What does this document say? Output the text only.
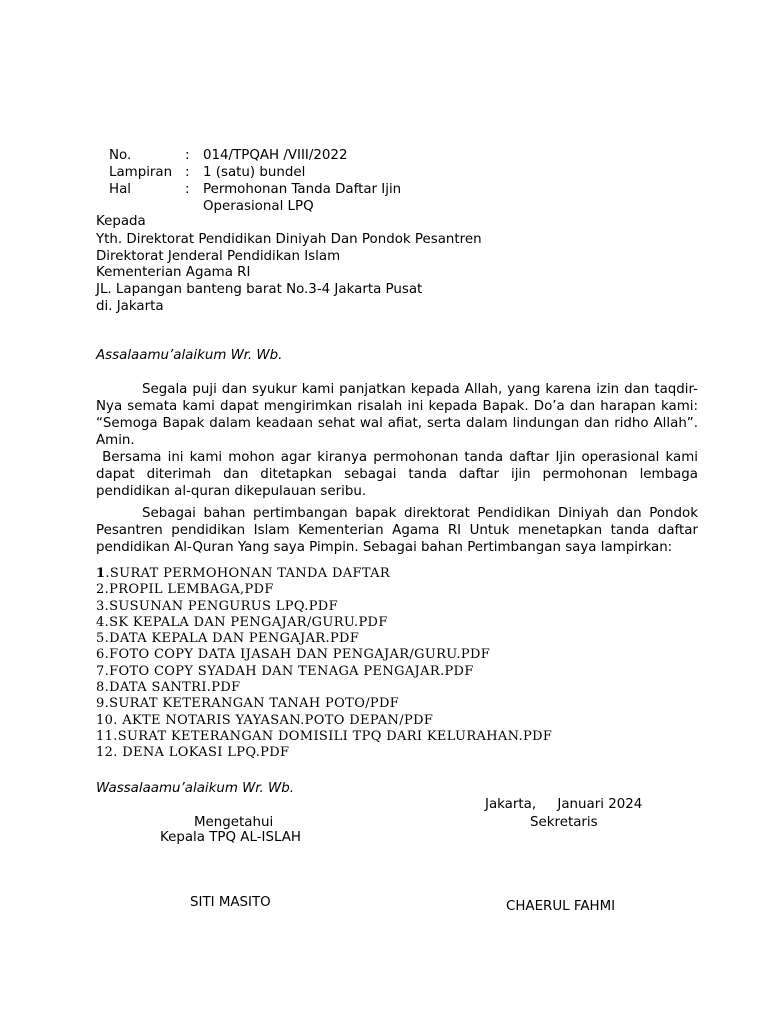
No.	: 014/TPQAH /VIII/2022
Lampiran : 1 (satu) bundel
Hal	: Permohonan Tanda Daftar Ijin
Operasional LPQ
Kepada
Yth. Direktorat Pendidikan Diniyah Dan Pondok Pesantren
Direktorat Jenderal Pendidikan Islam
Kementerian Agama RI
JL. Lapangan banteng barat No.3-4 Jakarta Pusat
di. Jakarta
Assalaamu’alaikum Wr. Wb.
Segala puji dan syukur kami panjatkan kepada Allah, yang karena izin dan taqdir-
Nya semata kami dapat mengirimkan risalah ini kepada Bapak. Do’a dan harapan kami:
“Semoga Bapak dalam keadaan sehat wal afiat, serta dalam lindungan dan ridho Allah”.
Amin.
Bersama ini kami mohon agar kiranya permohonan tanda daftar Ijin operasional kami
dapat diterimah dan ditetapkan sebagai tanda daftar ijin permohonan lembaga
pendidikan al-quran dikepulauan seribu.
Sebagai bahan pertimbangan bapak direktorat Pendidikan Diniyah dan Pondok
Pesantren pendidikan Islam Kementerian Agama RI Untuk menetapkan tanda daftar
pendidikan Al-Quran Yang saya Pimpin. Sebagai bahan Pertimbangan saya lampirkan:
1.SURAT PERMOHONAN TANDA DAFTAR
2.PROPIL LEMBAGA,PDF
3.SUSUNAN PENGURUS LPQ.PDF
4.SK KEPALA DAN PENGAJAR/GURU.PDF
5.DATA KEPALA DAN PENGAJAR.PDF
6.FOTO COPY DATA IJASAH DAN PENGAJAR/GURU.PDF
7.FOTO COPY SYADAH DAN TENAGA PENGAJAR.PDF
8.DATA SANTRI.PDF
9.SURAT KETERANGAN TANAH POTO/PDF
10. AKTE NOTARIS YAYASAN.POTO DEPAN/PDF
11.SURAT KETERANGAN DOMISILI TPQ DARI KELURAHAN.PDF
12. DENA LOKASI LPQ.PDF
Wassalaamu’alaikum Wr. Wb.
Jakarta,     Januari 2024
Mengetahui	Sekretaris
Kepala TPQ AL-ISLAH
SITI MASITO	CHAERUL FAHMI
